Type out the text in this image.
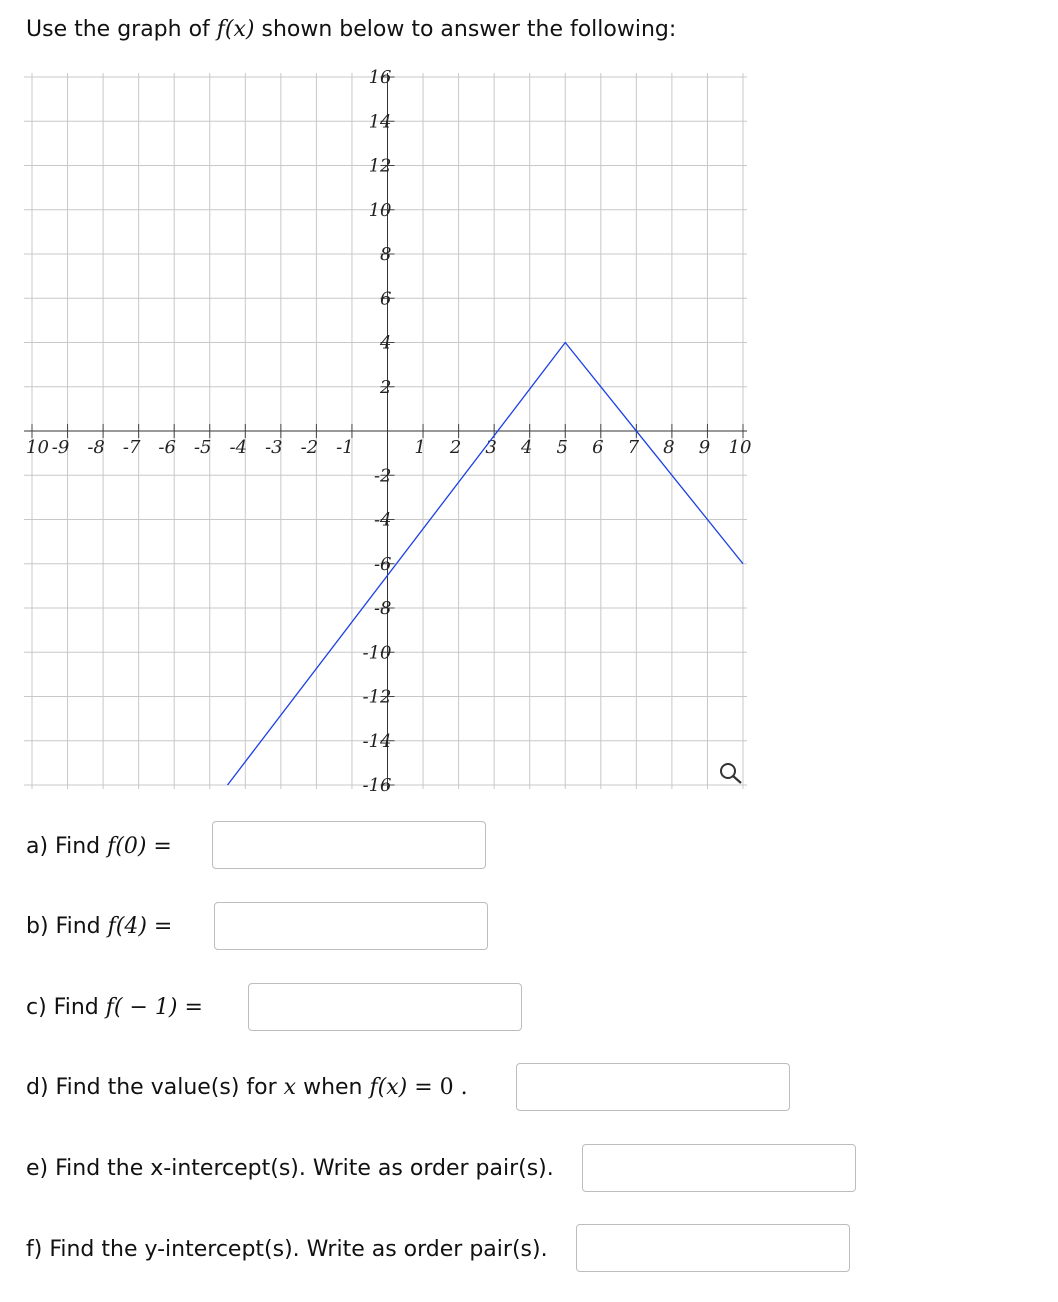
Use the graph of f(x) shown below to answer the following:
10 -9 -8 -7 -6 -5 -4 -3 -2 -1	1 2 3 4 5 6 7 8 9 10
16
14
12
10
8
6
4
2
-2
-4
-6
-8
-10
-12
-14
-16
a) Find f(0) =
b) Find f(4) =
c) Find f( − 1) =
d) Find the value(s) for x when f(x) = 0 .
e) Find the x-intercept(s). Write as order pair(s).
f) Find the y-intercept(s). Write as order pair(s).
